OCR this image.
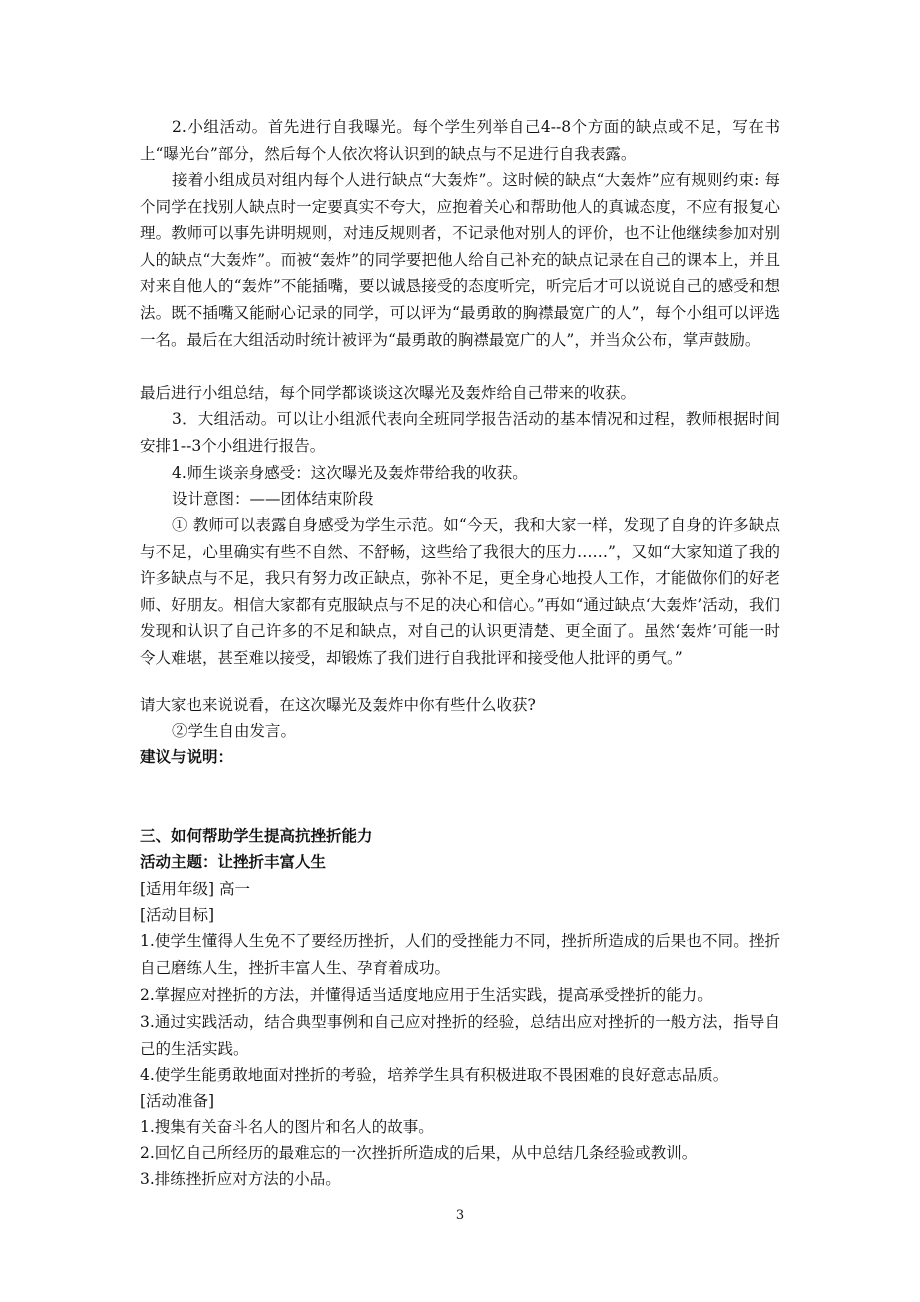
2.小组活动。首先进行自我曝光。每个学生列举自己4--8个方面的缺点或不足，写在书上“曝光台”部分，然后每个人依次将认识到的缺点与不足进行自我表露。
接着小组成员对组内每个人进行缺点“大轰炸”。这时候的缺点“大轰炸”应有规则约束: 每个同学在找别人缺点时一定要真实不夸大，应抱着关心和帮助他人的真诚态度，不应有报复心理。教师可以事先讲明规则，对违反规则者，不记录他对别人的评价，也不让他继续参加对别人的缺点“大轰炸”。而被“轰炸”的同学要把他人给自己补充的缺点记录在自己的课本上，并且对来自他人的“轰炸”不能插嘴，要以诚恳接受的态度听完，听完后才可以说说自己的感受和想法。既不插嘴又能耐心记录的同学，可以评为“最勇敢的胸襟最宽广的人”，每个小组可以评选一名。最后在大组活动时统计被评为“最勇敢的胸襟最宽广的人”，并当众公布，掌声鼓励。
最后进行小组总结，每个同学都谈谈这次曝光及轰炸给自己带来的收获。
3．大组活动。可以让小组派代表向全班同学报告活动的基本情况和过程，教师根据时间安排1--3个小组进行报告。
4.师生谈亲身感受：这次曝光及轰炸带给我的收获。
设计意图：——团体结束阶段
① 教师可以表露自身感受为学生示范。如“今天，我和大家一样，发现了自身的许多缺点与不足，心里确实有些不自然、不舒畅，这些给了我很大的压力……”，又如“大家知道了我的许多缺点与不足，我只有努力改正缺点，弥补不足，更全身心地投人工作，才能做你们的好老师、好朋友。相信大家都有克服缺点与不足的决心和信心。”再如“通过缺点‘大轰炸’活动，我们发现和认识了自己许多的不足和缺点，对自己的认识更清楚、更全面了。虽然‘轰炸’可能一时令人难堪，甚至难以接受，却锻炼了我们进行自我批评和接受他人批评的勇气。”
请大家也来说说看，在这次曝光及轰炸中你有些什么收获?
②学生自由发言。
建议与说明：
三、如何帮助学生提高抗挫折能力
活动主题：让挫折丰富人生
[适用年级] 高一
[活动目标]
1.使学生懂得人生免不了要经历挫折，人们的受挫能力不同，挫折所造成的后果也不同。挫折自己磨练人生，挫折丰富人生、孕育着成功。
2.掌握应对挫折的方法，并懂得适当适度地应用于生活实践，提高承受挫折的能力。
3.通过实践活动，结合典型事例和自己应对挫折的经验，总结出应对挫折的一般方法，指导自己的生活实践。
4.使学生能勇敢地面对挫折的考验，培养学生具有积极进取不畏困难的良好意志品质。
[活动准备]
1.搜集有关奋斗名人的图片和名人的故事。
2.回忆自己所经历的最难忘的一次挫折所造成的后果，从中总结几条经验或教训。
3.排练挫折应对方法的小品。
3
